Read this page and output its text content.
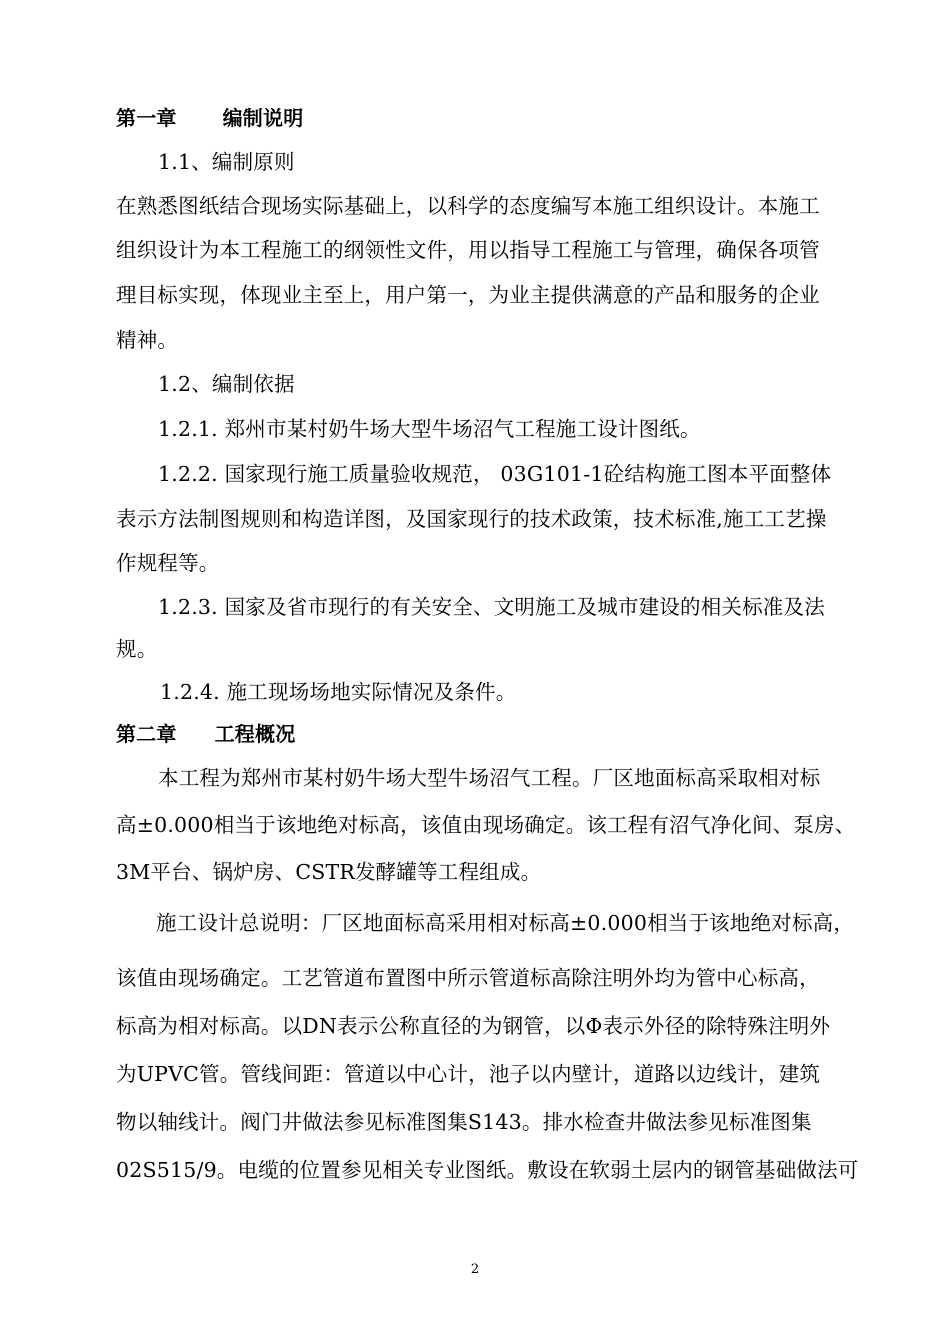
第一章 编制说明
1.1、编制原则
在熟悉图纸结合现场实际基础上，以科学的态度编写本施工组织设计。本施工
组织设计为本工程施工的纲领性文件，用以指导工程施工与管理，确保各项管
理目标实现，体现业主至上，用户第一，为业主提供满意的产品和服务的企业
精神。
1.2、编制依据
1.2.1. 郑州市某村奶牛场大型牛场沼气工程施工设计图纸。
1.2.2. 国家现行施工质量验收规范， 03G101-1砼结构施工图本平面整体
表示方法制图规则和构造详图，及国家现行的技术政策，技术标准,施工工艺操
作规程等。
1.2.3. 国家及省市现行的有关安全、文明施工及城市建设的相关标准及法
规。
1.2.4. 施工现场场地实际情况及条件。
第二章 工程概况
本工程为郑州市某村奶牛场大型牛场沼气工程。厂区地面标高采取相对标
高±0.000相当于该地绝对标高，该值由现场确定。该工程有沼气净化间、泵房、
3M平台、锅炉房、CSTR发酵罐等工程组成。
施工设计总说明：厂区地面标高采用相对标高±0.000相当于该地绝对标高，
该值由现场确定。工艺管道布置图中所示管道标高除注明外均为管中心标高，
标高为相对标高。以DN表示公称直径的为钢管，以Φ表示外径的除特殊注明外
为UPVC管。管线间距：管道以中心计，池子以内壁计，道路以边线计，建筑
物以轴线计。阀门井做法参见标准图集S143。排水检查井做法参见标准图集
02S515/9。电缆的位置参见相关专业图纸。敷设在软弱土层内的钢管基础做法可
2
